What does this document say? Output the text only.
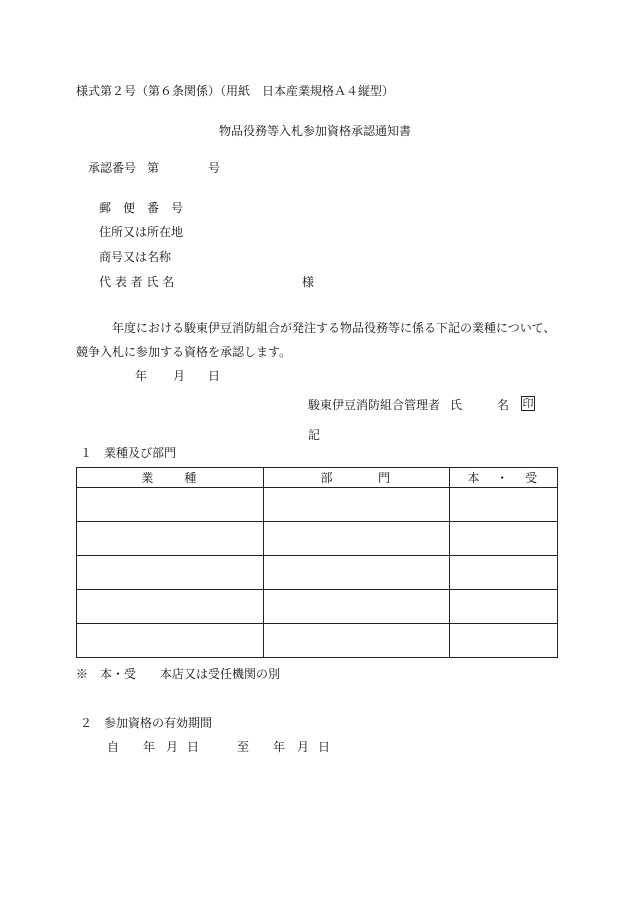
様式第２号（第６条関係）（用紙　日本産業規格Ａ４縦型）
物品役務等入札参加資格承認通知書
承認番号 第	号
郵　便　番　号
住所又は所在地
商号又は名称
代 表 者 氏 名	様
年度における駿東伊豆消防組合が発注する物品役務等に係る下記の業種について、
競争入札に参加する資格を承認します。
年 月 日
駿東伊豆消防組合管理者 氏	名	印
記
１　業種及び部門
業　　種	部　　　門	本　・　受

※　本・受　　本店又は受任機関の別
２　参加資格の有効期間
自 年 月 日	至 年 月 日
